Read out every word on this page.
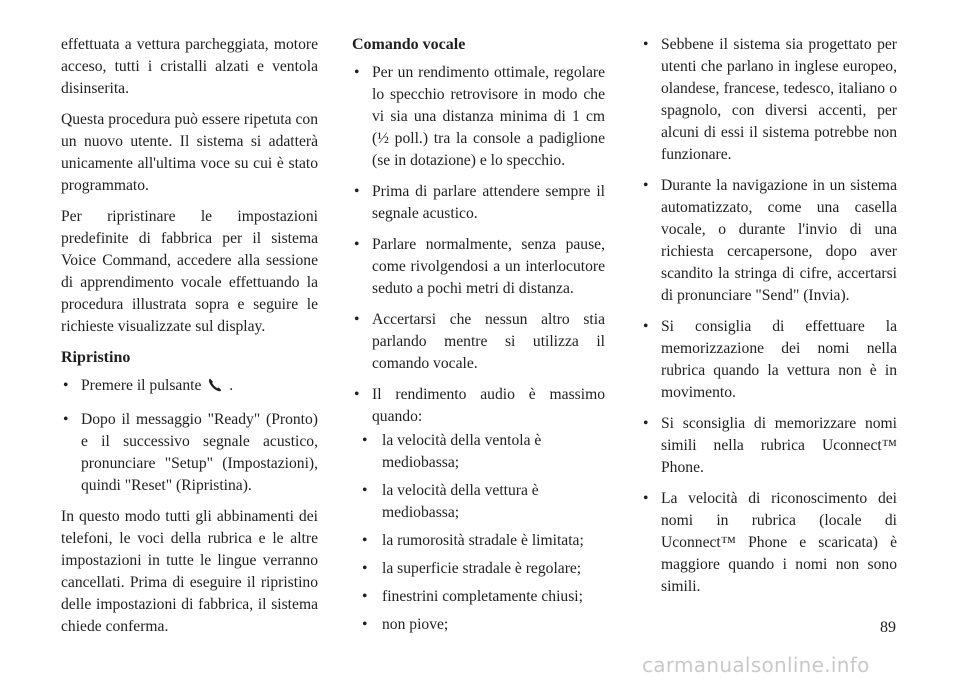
effettuata a vettura parcheggiata, motore acceso, tutti i cristalli alzati e ventola disinserita.

Questa procedura può essere ripetuta con un nuovo utente. Il sistema si adatterà unicamente all'ultima voce su cui è stato programmato.

Per ripristinare le impostazioni predefinite di fabbrica per il sistema Voice Command, accedere alla sessione di apprendimento vocale effettuando la procedura illustrata sopra e seguire le richieste visualizzate sul display.

Ripristino
• Premere il pulsante .
• Dopo il messaggio "Ready" (Pronto) e il successivo segnale acustico, pronunciare "Setup" (Impostazioni), quindi "Reset" (Ripristina).

In questo modo tutti gli abbinamenti dei telefoni, le voci della rubrica e le altre impostazioni in tutte le lingue verranno cancellati. Prima di eseguire il ripristino delle impostazioni di fabbrica, il sistema chiede conferma.

Comando vocale
• Per un rendimento ottimale, regolare lo specchio retrovisore in modo che vi sia una distanza minima di 1 cm (½ poll.) tra la console a padiglione (se in dotazione) e lo specchio.
• Prima di parlare attendere sempre il segnale acustico.
• Parlare normalmente, senza pause, come rivolgendosi a un interlocutore seduto a pochi metri di distanza.
• Accertarsi che nessun altro stia parlando mentre si utilizza il comando vocale.
• Il rendimento audio è massimo quando:
• la velocità della ventola è mediobassa;
• la velocità della vettura è mediobassa;
• la rumorosità stradale è limitata;
• la superficie stradale è regolare;
• finestrini completamente chiusi;
• non piove;
• Sebbene il sistema sia progettato per utenti che parlano in inglese europeo, olandese, francese, tedesco, italiano o spagnolo, con diversi accenti, per alcuni di essi il sistema potrebbe non funzionare.
• Durante la navigazione in un sistema automatizzato, come una casella vocale, o durante l'invio di una richiesta cercapersone, dopo aver scandito la stringa di cifre, accertarsi di pronunciare "Send" (Invia).
• Si consiglia di effettuare la memorizzazione dei nomi nella rubrica quando la vettura non è in movimento.
• Si sconsiglia di memorizzare nomi simili nella rubrica Uconnect™ Phone.
• La velocità di riconoscimento dei nomi in rubrica (locale di Uconnect™ Phone e scaricata) è maggiore quando i nomi non sono simili.
89
carmanualsonline.info
